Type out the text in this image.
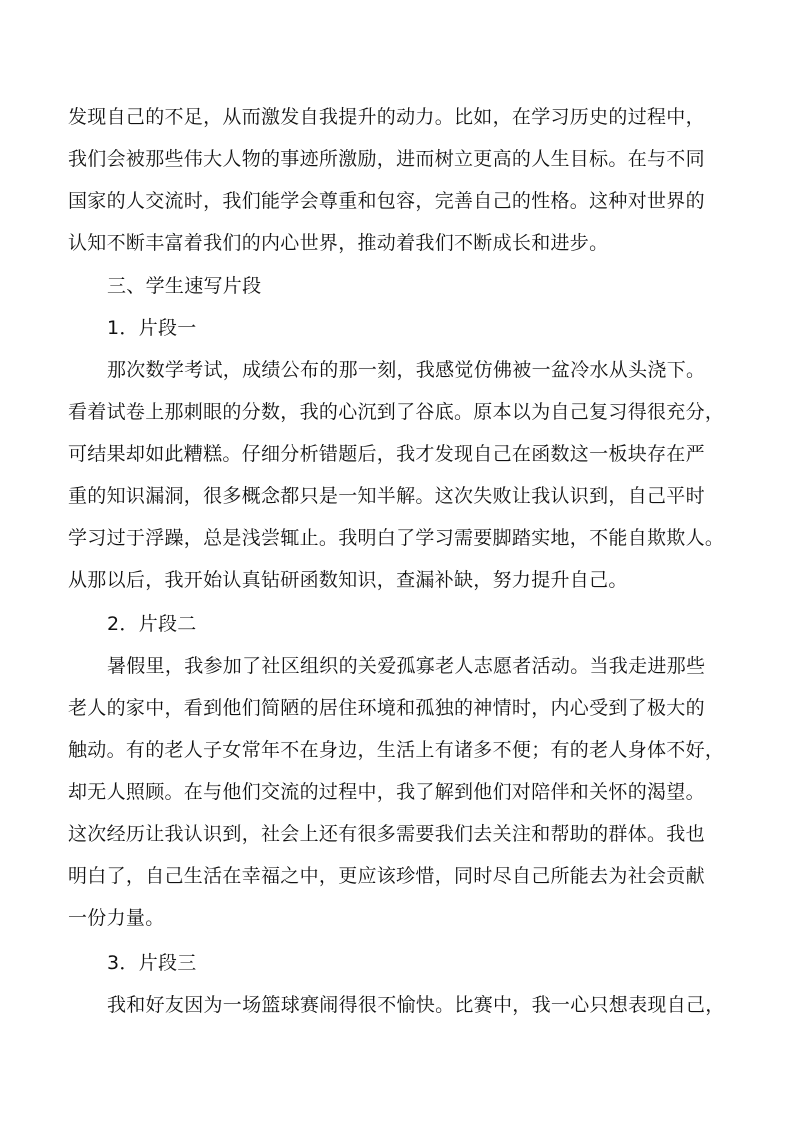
发现自己的不足，从而激发自我提升的动力。比如，在学习历史的过程中，
我们会被那些伟大人物的事迹所激励，进而树立更高的人生目标。在与不同
国家的人交流时，我们能学会尊重和包容，完善自己的性格。这种对世界的
认知不断丰富着我们的内心世界，推动着我们不断成长和进步。
三、学生速写片段
1．片段一
那次数学考试，成绩公布的那一刻，我感觉仿佛被一盆冷水从头浇下。
看着试卷上那刺眼的分数，我的心沉到了谷底。原本以为自己复习得很充分，
可结果却如此糟糕。仔细分析错题后，我才发现自己在函数这一板块存在严
重的知识漏洞，很多概念都只是一知半解。这次失败让我认识到，自己平时
学习过于浮躁，总是浅尝辄止。我明白了学习需要脚踏实地，不能自欺欺人。
从那以后，我开始认真钻研函数知识，查漏补缺，努力提升自己。
2．片段二
暑假里，我参加了社区组织的关爱孤寡老人志愿者活动。当我走进那些
老人的家中，看到他们简陋的居住环境和孤独的神情时，内心受到了极大的
触动。有的老人子女常年不在身边，生活上有诸多不便；有的老人身体不好，
却无人照顾。在与他们交流的过程中，我了解到他们对陪伴和关怀的渴望。
这次经历让我认识到，社会上还有很多需要我们去关注和帮助的群体。我也
明白了，自己生活在幸福之中，更应该珍惜，同时尽自己所能去为社会贡献
一份力量。
3．片段三
我和好友因为一场篮球赛闹得很不愉快。比赛中，我一心只想表现自己，
